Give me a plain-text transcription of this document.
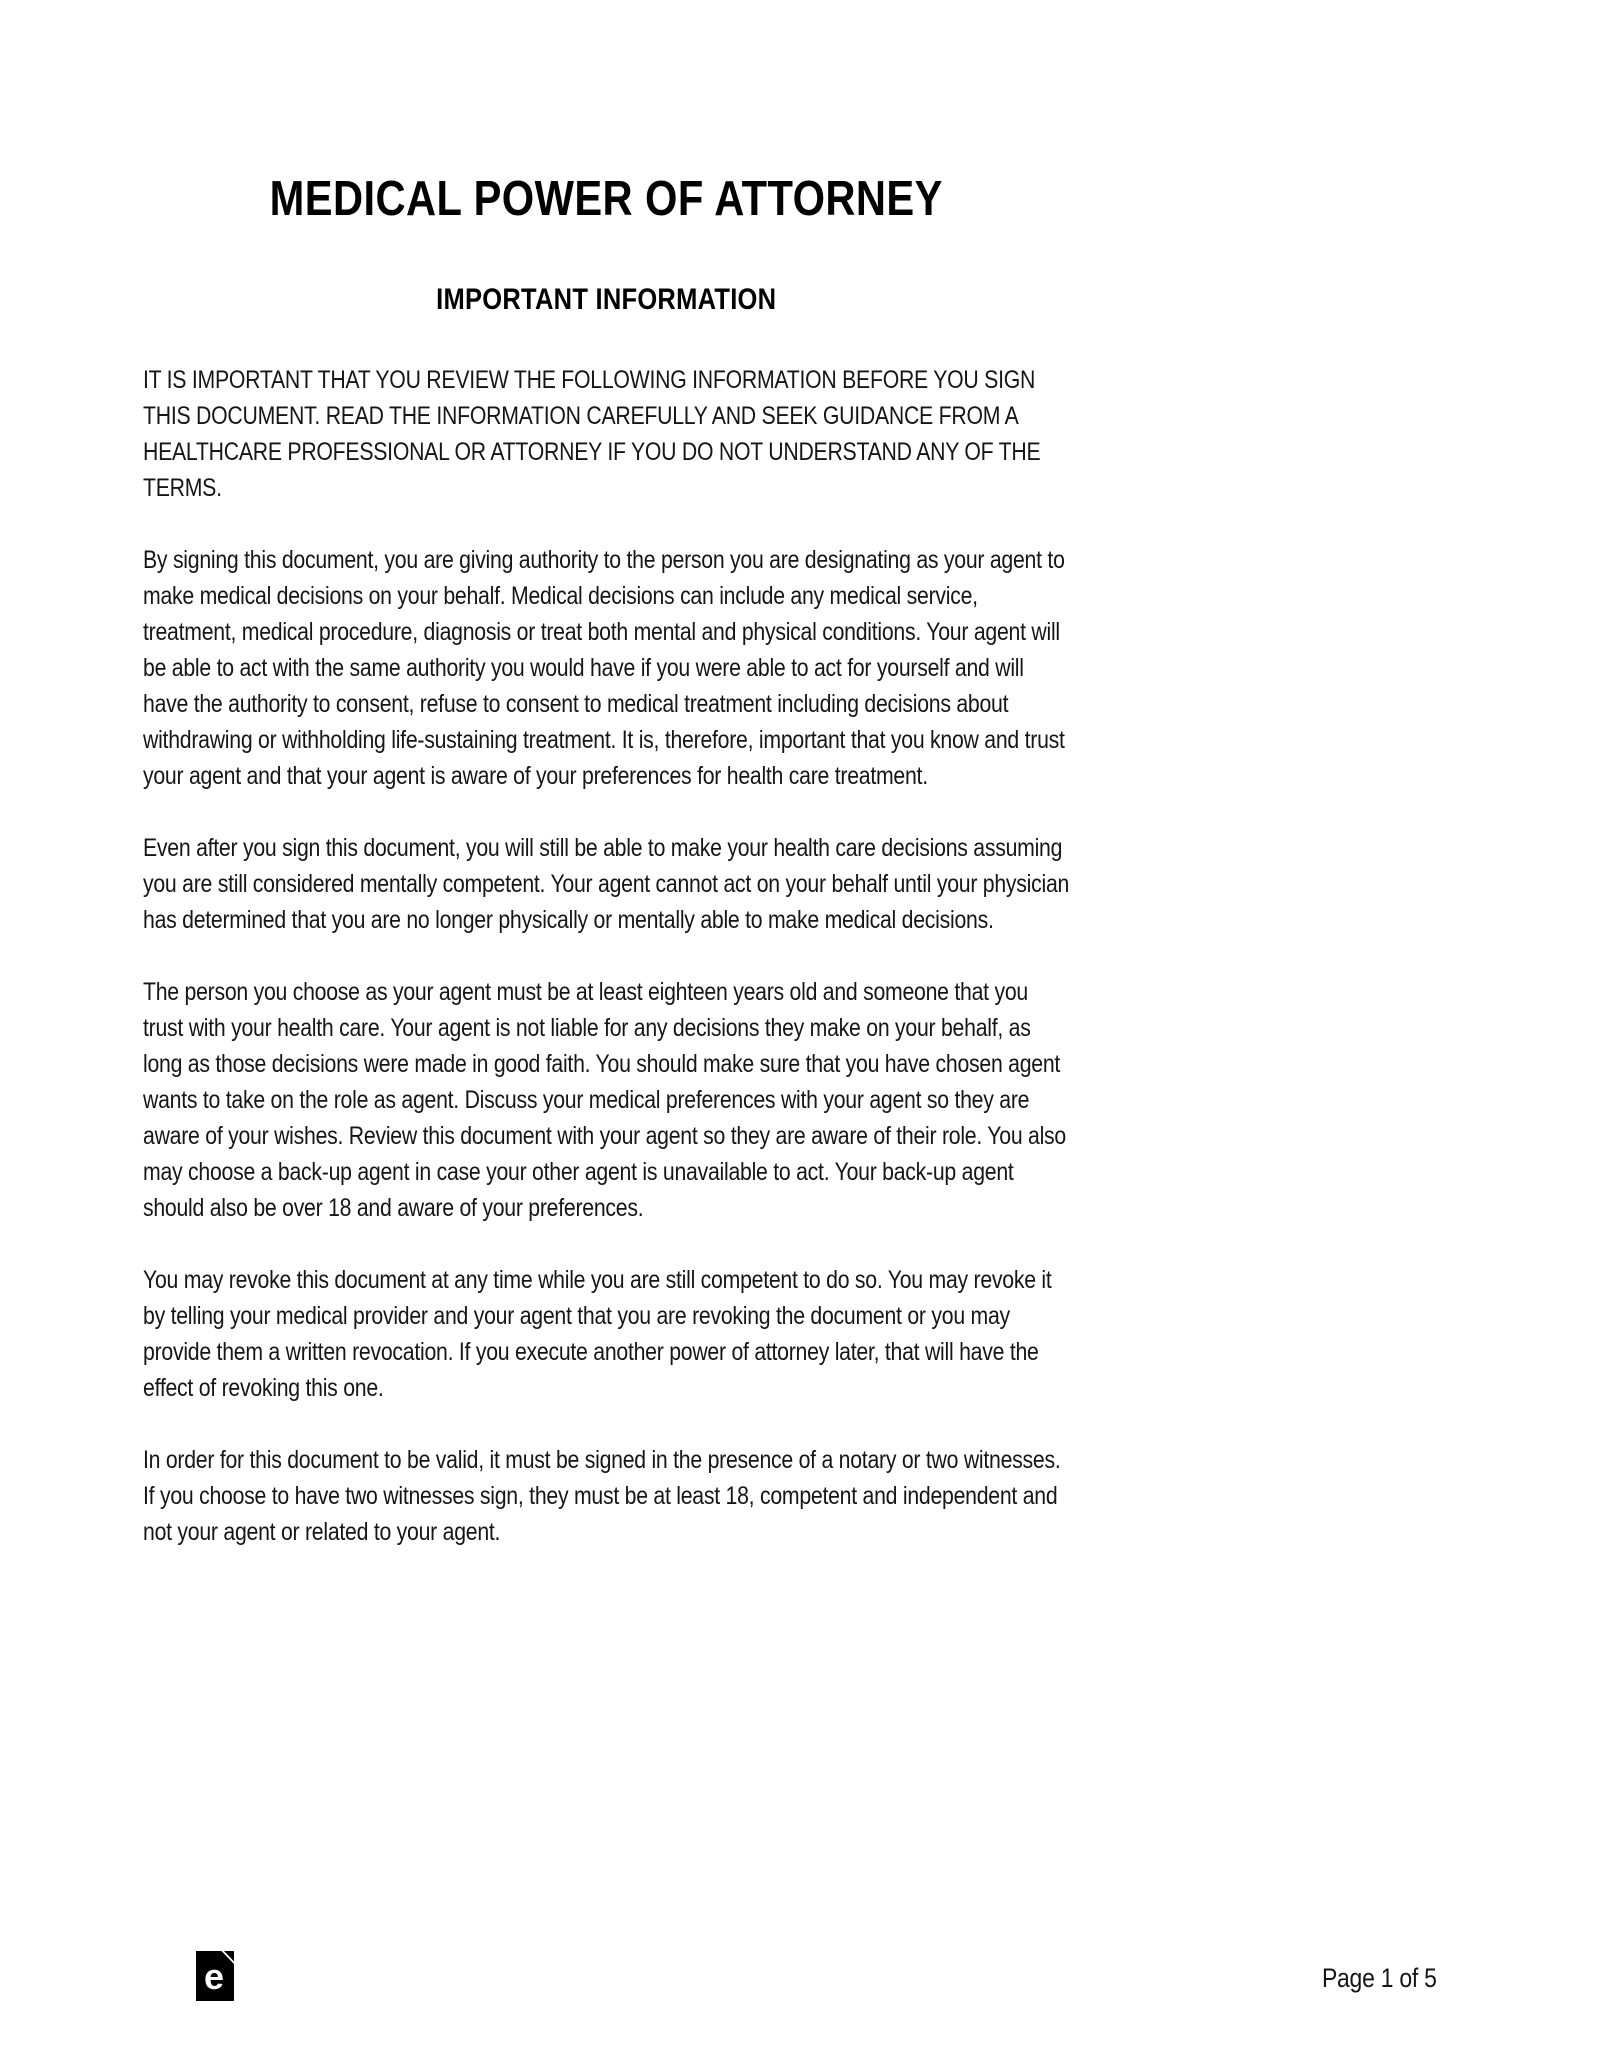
MEDICAL POWER OF ATTORNEY
IMPORTANT INFORMATION

IT IS IMPORTANT THAT YOU REVIEW THE FOLLOWING INFORMATION BEFORE YOU SIGN THIS DOCUMENT. READ THE INFORMATION CAREFULLY AND SEEK GUIDANCE FROM A HEALTHCARE PROFESSIONAL OR ATTORNEY IF YOU DO NOT UNDERSTAND ANY OF THE TERMS.

By signing this document, you are giving authority to the person you are designating as your agent to make medical decisions on your behalf. Medical decisions can include any medical service, treatment, medical procedure, diagnosis or treat both mental and physical conditions. Your agent will be able to act with the same authority you would have if you were able to act for yourself and will have the authority to consent, refuse to consent to medical treatment including decisions about withdrawing or withholding life-sustaining treatment. It is, therefore, important that you know and trust your agent and that your agent is aware of your preferences for health care treatment.

Even after you sign this document, you will still be able to make your health care decisions assuming you are still considered mentally competent. Your agent cannot act on your behalf until your physician has determined that you are no longer physically or mentally able to make medical decisions.

The person you choose as your agent must be at least eighteen years old and someone that you trust with your health care. Your agent is not liable for any decisions they make on your behalf, as long as those decisions were made in good faith. You should make sure that you have chosen agent wants to take on the role as agent. Discuss your medical preferences with your agent so they are aware of your wishes. Review this document with your agent so they are aware of their role. You also may choose a back-up agent in case your other agent is unavailable to act. Your back-up agent should also be over 18 and aware of your preferences.

You may revoke this document at any time while you are still competent to do so. You may revoke it by telling your medical provider and your agent that you are revoking the document or you may provide them a written revocation. If you execute another power of attorney later, that will have the effect of revoking this one.

In order for this document to be valid, it must be signed in the presence of a notary or two witnesses. If you choose to have two witnesses sign, they must be at least 18, competent and independent and not your agent or related to your agent.

e	Page 1 of 5
